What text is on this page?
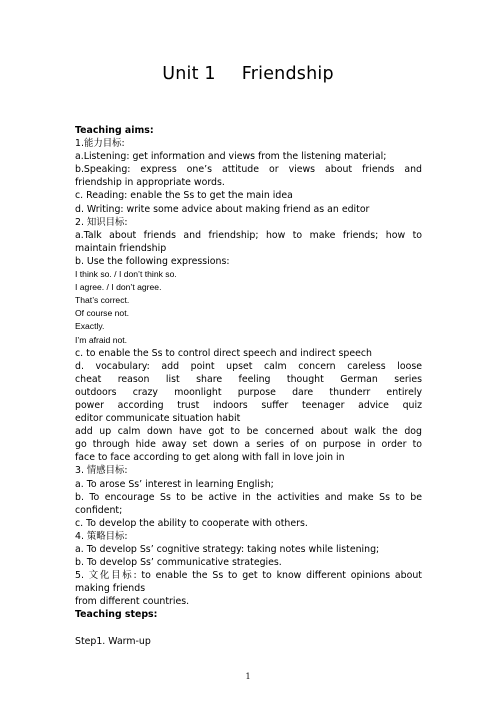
Unit 1 Friendship
Teaching aims:
1.能力目标:
a.Listening: get information and views from the listening material;
b.Speaking: express one’s attitude or views about friends and
friendship in appropriate words.
c. Reading: enable the Ss to get the main idea
d. Writing: write some advice about making friend as an editor
2. 知识目标:
a.Talk about friends and friendship; how to make friends; how to
maintain friendship
b. Use the following expressions:
I think so. / I don’t think so.
I agree. / I don’t agree.
That’s correct.
Of course not.
Exactly.
I’m afraid not.
c. to enable the Ss to control direct speech and indirect speech
d. vocabulary: add point upset calm concern careless loose
cheat reason list share feeling thought German series
outdoors crazy moonlight purpose dare thunderr entirely
power according trust indoors suffer teenager advice quiz
editor communicate situation habit
add up calm down have got to be concerned about walk the dog
go through hide away set down a series of on purpose in order to
face to face according to get along with fall in love join in
3. 情感目标:
a. To arose Ss’ interest in learning English;
b. To encourage Ss to be active in the activities and make Ss to be
confident;
c. To develop the ability to cooperate with others.
4. 策略目标:
a. To develop Ss’ cognitive strategy: taking notes while listening;
b. To develop Ss’ communicative strategies.
5. 文化目标: to enable the Ss to get to know different opinions about
making friends
from different countries.
Teaching steps:
Step1. Warm-up
1
